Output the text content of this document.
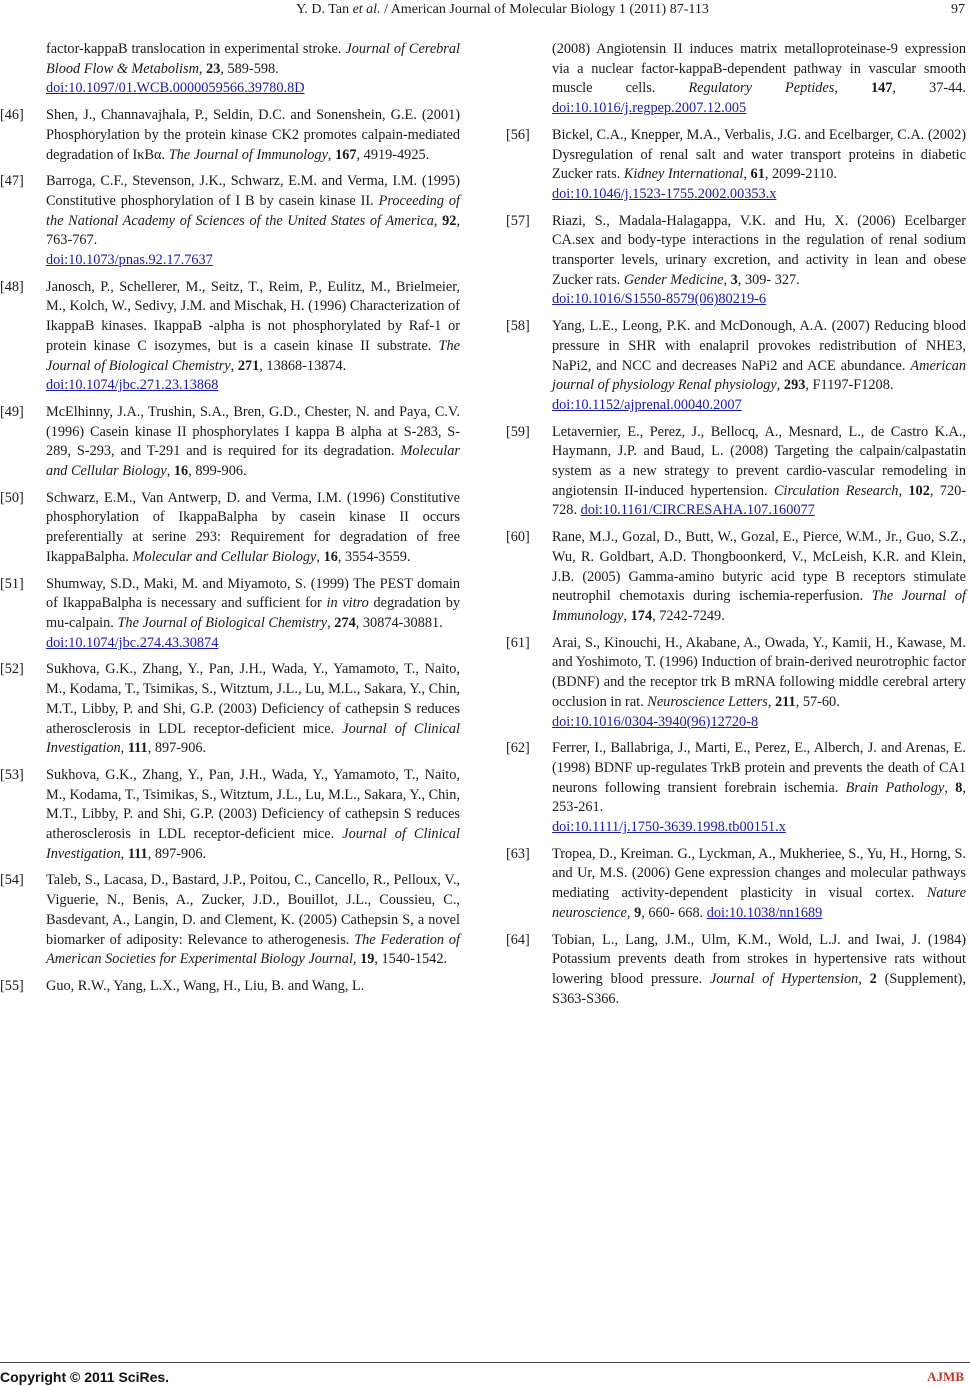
Y. D. Tan et al. / American Journal of Molecular Biology 1 (2011) 87-113	97
factor-kappaB translocation in experimental stroke. Journal of Cerebral Blood Flow & Metabolism, 23, 589-598.
doi:10.1097/01.WCB.0000059566.39780.8D
[46] Shen, J., Channavajhala, P., Seldin, D.C. and Sonenshein, G.E. (2001) Phosphorylation by the protein kinase CK2 promotes calpain-mediated degradation of IκBα. The Journal of Immunology, 167, 4919-4925.
[47] Barroga, C.F., Stevenson, J.K., Schwarz, E.M. and Verma, I.M. (1995) Constitutive phosphorylation of I B by casein kinase II. Proceeding of the National Academy of Sciences of the United States of America, 92, 763-767.
doi:10.1073/pnas.92.17.7637
[48] Janosch, P., Schellerer, M., Seitz, T., Reim, P., Eulitz, M., Brielmeier, M., Kolch, W., Sedivy, J.M. and Mischak, H. (1996) Characterization of IkappaB kinases. IkappaB -alpha is not phosphorylated by Raf-1 or protein kinase C isozymes, but is a casein kinase II substrate. The Journal of Biological Chemistry, 271, 13868-13874.
doi:10.1074/jbc.271.23.13868
[49] McElhinny, J.A., Trushin, S.A., Bren, G.D., Chester, N. and Paya, C.V. (1996) Casein kinase II phosphorylates I kappa B alpha at S-283, S-289, S-293, and T-291 and is required for its degradation. Molecular and Cellular Biology, 16, 899-906.
[50] Schwarz, E.M., Van Antwerp, D. and Verma, I.M. (1996) Constitutive phosphorylation of IkappaBalpha by casein kinase II occurs preferentially at serine 293: Requirement for degradation of free IkappaBalpha. Molecular and Cellular Biology, 16, 3554-3559.
[51] Shumway, S.D., Maki, M. and Miyamoto, S. (1999) The PEST domain of IkappaBalpha is necessary and sufficient for in vitro degradation by mu-calpain. The Journal of Biological Chemistry, 274, 30874-30881.
doi:10.1074/jbc.274.43.30874
[52] Sukhova, G.K., Zhang, Y., Pan, J.H., Wada, Y., Yamamoto, T., Naito, M., Kodama, T., Tsimikas, S., Witztum, J.L., Lu, M.L., Sakara, Y., Chin, M.T., Libby, P. and Shi, G.P. (2003) Deficiency of cathepsin S reduces atherosclerosis in LDL receptor-deficient mice. Journal of Clinical Investigation, 111, 897-906.
[53] Sukhova, G.K., Zhang, Y., Pan, J.H., Wada, Y., Yamamoto, T., Naito, M., Kodama, T., Tsimikas, S., Witztum, J.L., Lu, M.L., Sakara, Y., Chin, M.T., Libby, P. and Shi, G.P. (2003) Deficiency of cathepsin S reduces atherosclerosis in LDL receptor-deficient mice. Journal of Clinical Investigation, 111, 897-906.
[54] Taleb, S., Lacasa, D., Bastard, J.P., Poitou, C., Cancello, R., Pelloux, V., Viguerie, N., Benis, A., Zucker, J.D., Bouillot, J.L., Coussieu, C., Basdevant, A., Langin, D. and Clement, K. (2005) Cathepsin S, a novel biomarker of adiposity: Relevance to atherogenesis. The Federation of American Societies for Experimental Biology Journal, 19, 1540-1542.
[55] Guo, R.W., Yang, L.X., Wang, H., Liu, B. and Wang, L.
(2008) Angiotensin II induces matrix metalloproteinase-9 expression via a nuclear factor-kappaB-dependent pathway in vascular smooth muscle cells. Regulatory Peptides, 147, 37-44. doi:10.1016/j.regpep.2007.12.005
[56] Bickel, C.A., Knepper, M.A., Verbalis, J.G. and Ecelbarger, C.A. (2002) Dysregulation of renal salt and water transport proteins in diabetic Zucker rats. Kidney International, 61, 2099-2110.
doi:10.1046/j.1523-1755.2002.00353.x
[57] Riazi, S., Madala-Halagappa, V.K. and Hu, X. (2006) Ecelbarger CA.sex and body-type interactions in the regulation of renal sodium transporter levels, urinary excretion, and activity in lean and obese Zucker rats. Gender Medicine, 3, 309- 327.
doi:10.1016/S1550-8579(06)80219-6
[58] Yang, L.E., Leong, P.K. and McDonough, A.A. (2007) Reducing blood pressure in SHR with enalapril provokes redistribution of NHE3, NaPi2, and NCC and decreases NaPi2 and ACE abundance. American journal of physiology Renal physiology, 293, F1197-F1208.
doi:10.1152/ajprenal.00040.2007
[59] Letavernier, E., Perez, J., Bellocq, A., Mesnard, L., de Castro K.A., Haymann, J.P. and Baud, L. (2008) Targeting the calpain/calpastatin system as a new strategy to prevent cardio-vascular remodeling in angiotensin II-induced hypertension. Circulation Research, 102, 720-728. doi:10.1161/CIRCRESAHA.107.160077
[60] Rane, M.J., Gozal, D., Butt, W., Gozal, E., Pierce, W.M., Jr., Guo, S.Z., Wu, R. Goldbart, A.D. Thongboonkerd, V., McLeish, K.R. and Klein, J.B. (2005) Gamma-amino butyric acid type B receptors stimulate neutrophil chemotaxis during ischemia-reperfusion. The Journal of Immunology, 174, 7242-7249.
[61] Arai, S., Kinouchi, H., Akabane, A., Owada, Y., Kamii, H., Kawase, M. and Yoshimoto, T. (1996) Induction of brain-derived neurotrophic factor (BDNF) and the receptor trk B mRNA following middle cerebral artery occlusion in rat. Neuroscience Letters, 211, 57-60.
doi:10.1016/0304-3940(96)12720-8
[62] Ferrer, I., Ballabriga, J., Marti, E., Perez, E., Alberch, J. and Arenas, E. (1998) BDNF up-regulates TrkB protein and prevents the death of CA1 neurons following transient forebrain ischemia. Brain Pathology, 8, 253-261.
doi:10.1111/j.1750-3639.1998.tb00151.x
[63] Tropea, D., Kreiman. G., Lyckman, A., Mukheriee, S., Yu, H., Horng, S. and Ur, M.S. (2006) Gene expression changes and molecular pathways mediating activity-dependent plasticity in visual cortex. Nature neuroscience, 9, 660- 668. doi:10.1038/nn1689
[64] Tobian, L., Lang, J.M., Ulm, K.M., Wold, L.J. and Iwai, J. (1984) Potassium prevents death from strokes in hypertensive rats without lowering blood pressure. Journal of Hypertension, 2 (Supplement), S363-S366.
Copyright © 2011 SciRes.	AJMB
